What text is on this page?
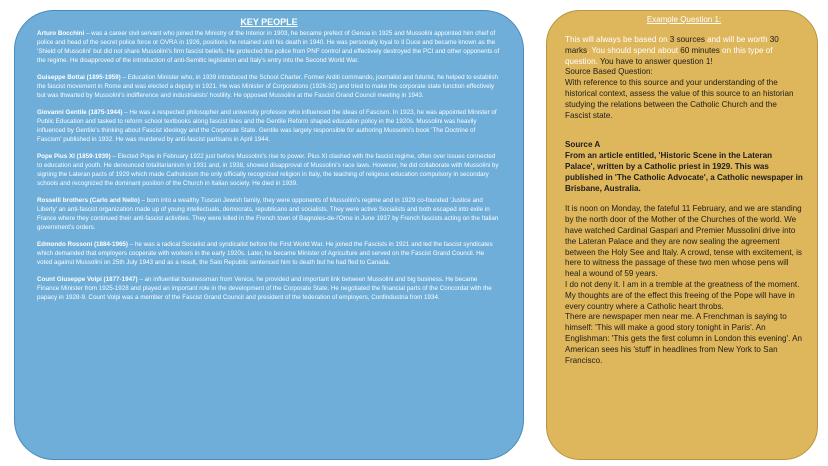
KEY PEOPLE
Arturo Bocchini – was a career civil servant who joined the Ministry of the Interior in 1903, he became prefect of Genoa in 1925 and Mussolini appointed him chief of police and head of the secret police force or OVRA in 1926, positions he retained until his death in 1940. He was personally loyal to Il Duce and became known as the 'Shield of Mussolini' but did not share Mussolini's firm fascist beliefs. He protected the police from PNF control and effectively destroyed the PCI and other opponents of the regime. He disapproved of the introduction of anti-Semitic legislation and Italy's entry into the Second World War.
Guiseppe Bottai (1895-1959) – Education Minister who, in 1939 introduced the School Charter. Former Arditi commando, journalist and futurist, he helped to establish the fascist movement in Rome and was elected a deputy in 1921. He was Minister of Corporations (1926-32) and tried to make the corporate state function effectively but was thwarted by Mussolini's indifference and industrialists' hostility. He opposed Mussolini at the Fascist Grand Council meeting in 1943.
Giovanni Gentile (1875-1944) – He was a respected philosopher and university professor who influenced the ideas of Fascism. In 1923, he was appointed Minister of Public Education and tasked to reform school textbooks along fascist lines and the Gentile Reform shaped education policy in the 1920s. Mussolini was heavily influenced by Gentile's thinking about Fascist ideology and the Corporate State. Gentile was largely responsible for authoring Mussolini's book 'The Doctrine of Fascism' published in 1932. He was murdered by anti-fascist partisans in April 1944.
Pope Pius XI (1859-1939) – Elected Pope in February 1922 just before Mussolini's rise to power. Pius XI clashed with the fascist regime, often over issues connected to education and youth. He denounced totalitarianism in 1931 and, in 1938, showed disapproval of Mussolini's race laws. However, he did collaborate with Mussolini by signing the Lateran pacts of 1929 which made Catholicism the only officially recognized religion in Italy, the teaching of religious education compulsory in secondary schools and recognized the dominant position of the Church in Italian society. He died in 1939.
Rosselli brothers (Carlo and Nello) – born into a wealthy Tuscan Jewish family, they were opponents of Mussolini's regime and in 1929 co-founded 'Justice and Liberty' an anti-fascist organization made up of young intellectuals, democrats, republicans and socialists. They were active Socialists and both escaped into exile in France where they continued their anti-fascist activities. They were killed in the French town of Bagnoles-de-l'Orne in June 1937 by French fascists acting on the Italian government's orders.
Edmondo Rossoni (1884-1965) – he was a radical Socialist and syndicalist before the First World War. He joined the Fascists in 1921 and led the fascist syndicates which demanded that employers cooperate with workers in the early 1920s. Later, he became Minister of Agriculture and served on the Fascist Grand Council. He voted against Mussolini on 25th July 1943 and as a result, the Salo Republic sentenced him to death but he had fled to Canada.
Count Giuseppe Volpi (1877-1947) – an influential businessman from Venice, he provided and important link between Mussolini and big business. He became Finance Minister from 1925-1928 and played an important role in the development of the Corporate State. He negotiated the financial parts of the Concordat with the papacy in 1928-9. Count Volpi was a member of the Fascist Grand Council and president of the federation of employers, Confindustria from 1934.
Example Question 1:

This will always be based on 3 sources and will be worth 30 marks. You should spend about 60 minutes on this type of question. You have to answer question 1!

Source Based Question:

With reference to this source and your understanding of the historical context, assess the value of this source to an historian studying the relations between the Catholic Church and the Fascist state.

Source A

From an article entitled, 'Historic Scene in the Lateran Palace', written by a Catholic priest in 1929. This was published in 'The Catholic Advocate', a Catholic newspaper in Brisbane, Australia.

It is noon on Monday, the fateful 11 February, and we are standing by the north door of the Mother of the Churches of the world. We have watched Cardinal Gaspari and Premier Mussolini drive into the Lateran Palace and they are now sealing the agreement between the Holy See and Italy. A crowd, tense with excitement, is here to witness the passage of these two men whose pens will heal a wound of 59 years.

I do not deny it. I am in a tremble at the greatness of the moment. My thoughts are of the effect this freeing of the Pope will have in every country where a Catholic heart throbs.

There are newspaper men near me. A Frenchman is saying to himself: 'This will make a good story tonight in Paris'. An Englishman: 'This gets the first column in London this evening'. An American sees his 'stuff' in headlines from New York to San Francisco.
